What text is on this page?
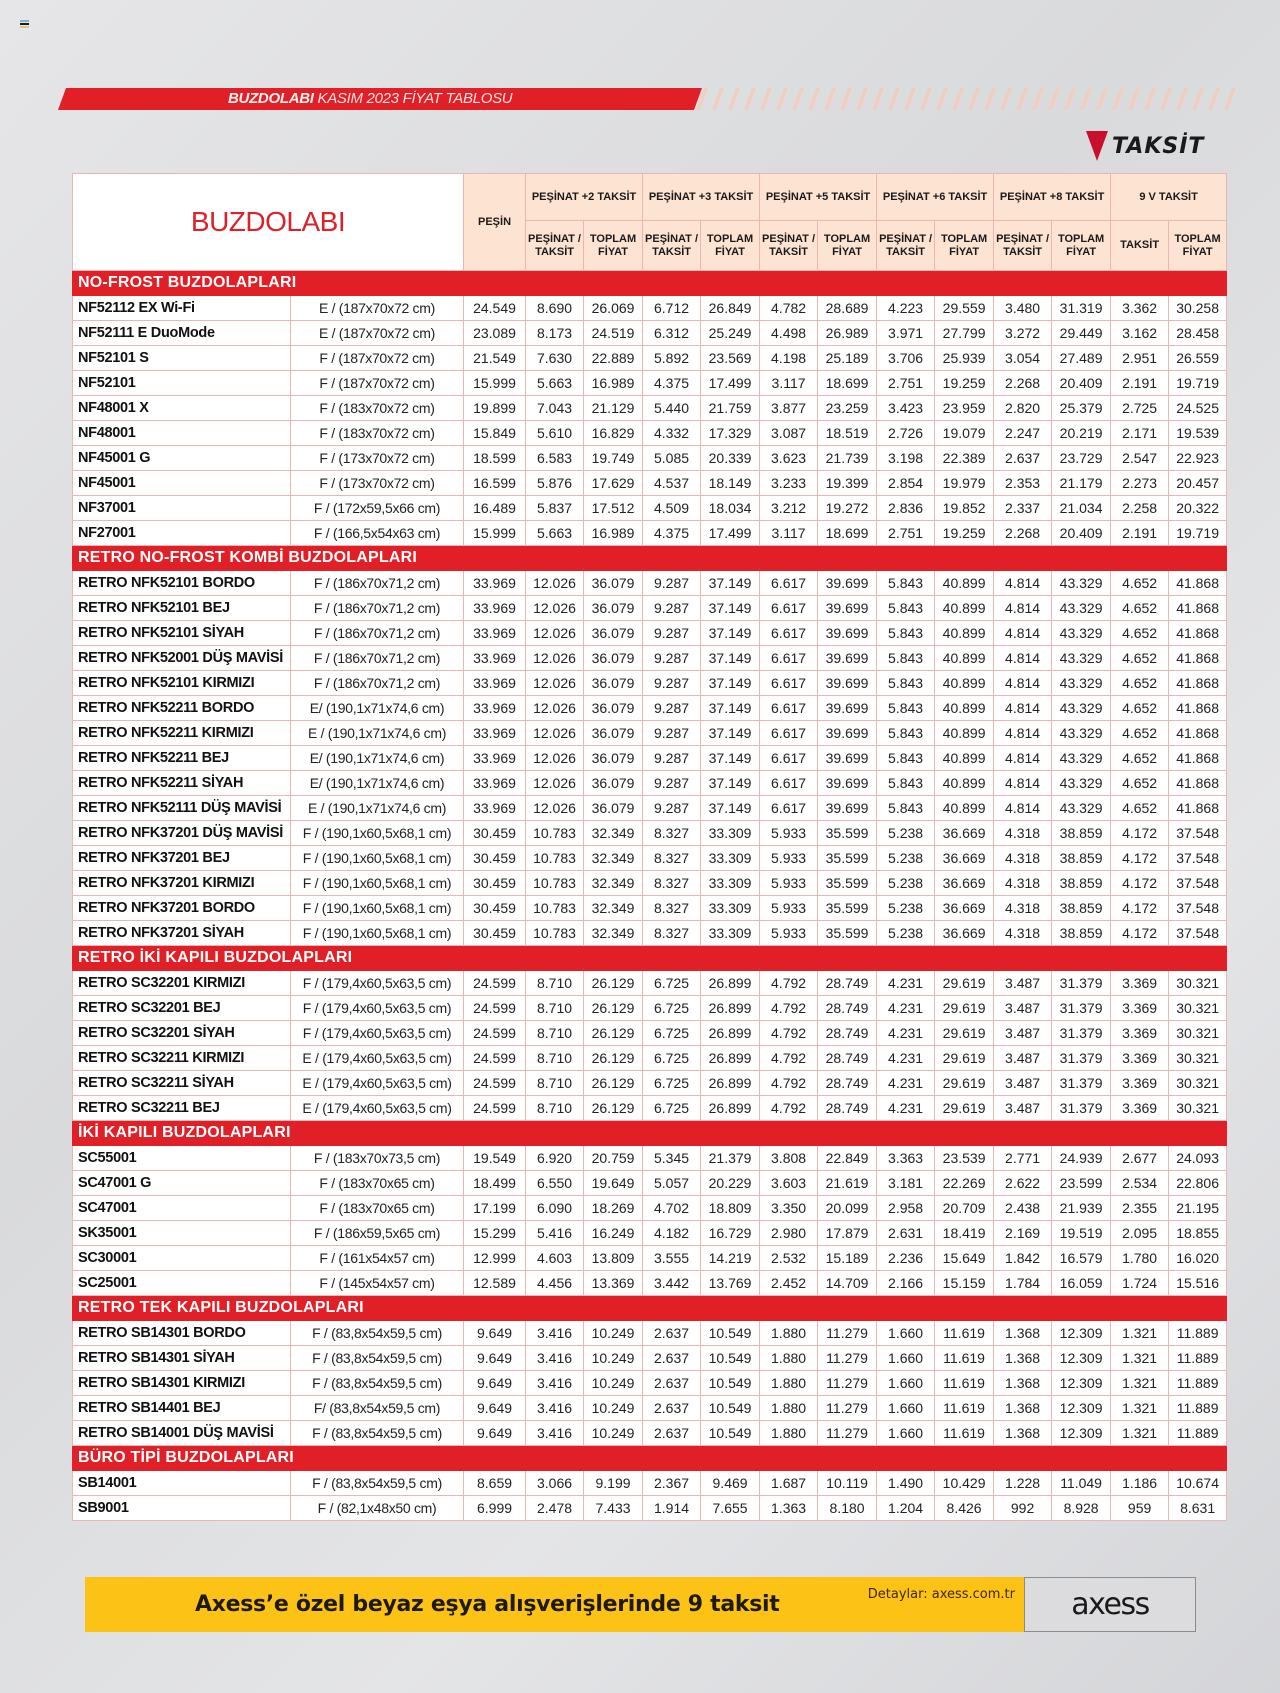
BUZDOLABI KASIM 2023 FİYAT TABLOSU
TAKSİT
BUZDOLABI		PEŞİN	PEŞİNAT +2 TAKSİT		PEŞİNAT +3 TAKSİT		PEŞİNAT +5 TAKSİT		PEŞİNAT +6 TAKSİT		PEŞİNAT +8 TAKSİT		9 V TAKSİT	
			PEŞİNAT / TAKSİT	TOPLAM FİYAT	PEŞİNAT / TAKSİT	TOPLAM FİYAT	PEŞİNAT / TAKSİT	TOPLAM FİYAT	PEŞİNAT / TAKSİT	TOPLAM FİYAT	PEŞİNAT / TAKSİT	TOPLAM FİYAT	TAKSİT	TOPLAM FİYAT
NO-FROST BUZDOLAPLARI														
NF52112 EX Wi-Fi	E / (187x70x72 cm)	24.549	8.690	26.069	6.712	26.849	4.782	28.689	4.223	29.559	3.480	31.319	3.362	30.258
NF52111 E DuoMode	E / (187x70x72 cm)	23.089	8.173	24.519	6.312	25.249	4.498	26.989	3.971	27.799	3.272	29.449	3.162	28.458
NF52101 S	F / (187x70x72 cm)	21.549	7.630	22.889	5.892	23.569	4.198	25.189	3.706	25.939	3.054	27.489	2.951	26.559
NF52101	F / (187x70x72 cm)	15.999	5.663	16.989	4.375	17.499	3.117	18.699	2.751	19.259	2.268	20.409	2.191	19.719
NF48001 X	F / (183x70x72 cm)	19.899	7.043	21.129	5.440	21.759	3.877	23.259	3.423	23.959	2.820	25.379	2.725	24.525
NF48001	F / (183x70x72 cm)	15.849	5.610	16.829	4.332	17.329	3.087	18.519	2.726	19.079	2.247	20.219	2.171	19.539
NF45001 G	F / (173x70x72 cm)	18.599	6.583	19.749	5.085	20.339	3.623	21.739	3.198	22.389	2.637	23.729	2.547	22.923
NF45001	F / (173x70x72 cm)	16.599	5.876	17.629	4.537	18.149	3.233	19.399	2.854	19.979	2.353	21.179	2.273	20.457
NF37001	F / (172x59,5x66 cm)	16.489	5.837	17.512	4.509	18.034	3.212	19.272	2.836	19.852	2.337	21.034	2.258	20.322
NF27001	F / (166,5x54x63 cm)	15.999	5.663	16.989	4.375	17.499	3.117	18.699	2.751	19.259	2.268	20.409	2.191	19.719
RETRO NO-FROST KOMBİ BUZDOLAPLARI														
RETRO NFK52101 BORDO	F / (186x70x71,2 cm)	33.969	12.026	36.079	9.287	37.149	6.617	39.699	5.843	40.899	4.814	43.329	4.652	41.868
RETRO NFK52101 BEJ	F / (186x70x71,2 cm)	33.969	12.026	36.079	9.287	37.149	6.617	39.699	5.843	40.899	4.814	43.329	4.652	41.868
RETRO NFK52101 SİYAH	F / (186x70x71,2 cm)	33.969	12.026	36.079	9.287	37.149	6.617	39.699	5.843	40.899	4.814	43.329	4.652	41.868
RETRO NFK52001 DÜŞ MAVİSİ	F / (186x70x71,2 cm)	33.969	12.026	36.079	9.287	37.149	6.617	39.699	5.843	40.899	4.814	43.329	4.652	41.868
RETRO NFK52101 KIRMIZI	F / (186x70x71,2 cm)	33.969	12.026	36.079	9.287	37.149	6.617	39.699	5.843	40.899	4.814	43.329	4.652	41.868
RETRO NFK52211 BORDO	E/ (190,1x71x74,6 cm)	33.969	12.026	36.079	9.287	37.149	6.617	39.699	5.843	40.899	4.814	43.329	4.652	41.868
RETRO NFK52211 KIRMIZI	E / (190,1x71x74,6 cm)	33.969	12.026	36.079	9.287	37.149	6.617	39.699	5.843	40.899	4.814	43.329	4.652	41.868
RETRO NFK52211 BEJ	E/ (190,1x71x74,6 cm)	33.969	12.026	36.079	9.287	37.149	6.617	39.699	5.843	40.899	4.814	43.329	4.652	41.868
RETRO NFK52211 SİYAH	E/ (190,1x71x74,6 cm)	33.969	12.026	36.079	9.287	37.149	6.617	39.699	5.843	40.899	4.814	43.329	4.652	41.868
RETRO NFK52111 DÜŞ MAVİSİ	E / (190,1x71x74,6 cm)	33.969	12.026	36.079	9.287	37.149	6.617	39.699	5.843	40.899	4.814	43.329	4.652	41.868
RETRO NFK37201 DÜŞ MAVİSİ	F / (190,1x60,5x68,1 cm)	30.459	10.783	32.349	8.327	33.309	5.933	35.599	5.238	36.669	4.318	38.859	4.172	37.548
RETRO NFK37201 BEJ	F / (190,1x60,5x68,1 cm)	30.459	10.783	32.349	8.327	33.309	5.933	35.599	5.238	36.669	4.318	38.859	4.172	37.548
RETRO NFK37201 KIRMIZI	F / (190,1x60,5x68,1 cm)	30.459	10.783	32.349	8.327	33.309	5.933	35.599	5.238	36.669	4.318	38.859	4.172	37.548
RETRO NFK37201 BORDO	F / (190,1x60,5x68,1 cm)	30.459	10.783	32.349	8.327	33.309	5.933	35.599	5.238	36.669	4.318	38.859	4.172	37.548
RETRO NFK37201 SİYAH	F / (190,1x60,5x68,1 cm)	30.459	10.783	32.349	8.327	33.309	5.933	35.599	5.238	36.669	4.318	38.859	4.172	37.548
RETRO İKİ KAPILI BUZDOLAPLARI														
RETRO SC32201 KIRMIZI	F / (179,4x60,5x63,5 cm)	24.599	8.710	26.129	6.725	26.899	4.792	28.749	4.231	29.619	3.487	31.379	3.369	30.321
RETRO SC32201 BEJ	F / (179,4x60,5x63,5 cm)	24.599	8.710	26.129	6.725	26.899	4.792	28.749	4.231	29.619	3.487	31.379	3.369	30.321
RETRO SC32201 SİYAH	F / (179,4x60,5x63,5 cm)	24.599	8.710	26.129	6.725	26.899	4.792	28.749	4.231	29.619	3.487	31.379	3.369	30.321
RETRO SC32211 KIRMIZI	E / (179,4x60,5x63,5 cm)	24.599	8.710	26.129	6.725	26.899	4.792	28.749	4.231	29.619	3.487	31.379	3.369	30.321
RETRO SC32211 SİYAH	E / (179,4x60,5x63,5 cm)	24.599	8.710	26.129	6.725	26.899	4.792	28.749	4.231	29.619	3.487	31.379	3.369	30.321
RETRO SC32211 BEJ	E / (179,4x60,5x63,5 cm)	24.599	8.710	26.129	6.725	26.899	4.792	28.749	4.231	29.619	3.487	31.379	3.369	30.321
İKİ KAPILI BUZDOLAPLARI														
SC55001	F / (183x70x73,5 cm)	19.549	6.920	20.759	5.345	21.379	3.808	22.849	3.363	23.539	2.771	24.939	2.677	24.093
SC47001 G	F / (183x70x65 cm)	18.499	6.550	19.649	5.057	20.229	3.603	21.619	3.181	22.269	2.622	23.599	2.534	22.806
SC47001	F / (183x70x65 cm)	17.199	6.090	18.269	4.702	18.809	3.350	20.099	2.958	20.709	2.438	21.939	2.355	21.195
SK35001	F / (186x59,5x65 cm)	15.299	5.416	16.249	4.182	16.729	2.980	17.879	2.631	18.419	2.169	19.519	2.095	18.855
SC30001	F / (161x54x57 cm)	12.999	4.603	13.809	3.555	14.219	2.532	15.189	2.236	15.649	1.842	16.579	1.780	16.020
SC25001	F / (145x54x57 cm)	12.589	4.456	13.369	3.442	13.769	2.452	14.709	2.166	15.159	1.784	16.059	1.724	15.516
RETRO TEK KAPILI BUZDOLAPLARI														
RETRO SB14301 BORDO	F / (83,8x54x59,5 cm)	9.649	3.416	10.249	2.637	10.549	1.880	11.279	1.660	11.619	1.368	12.309	1.321	11.889
RETRO SB14301 SİYAH	F / (83,8x54x59,5 cm)	9.649	3.416	10.249	2.637	10.549	1.880	11.279	1.660	11.619	1.368	12.309	1.321	11.889
RETRO SB14301 KIRMIZI	F / (83,8x54x59,5 cm)	9.649	3.416	10.249	2.637	10.549	1.880	11.279	1.660	11.619	1.368	12.309	1.321	11.889
RETRO SB14401 BEJ	F/ (83,8x54x59,5 cm)	9.649	3.416	10.249	2.637	10.549	1.880	11.279	1.660	11.619	1.368	12.309	1.321	11.889
RETRO SB14001 DÜŞ MAVİSİ	F / (83,8x54x59,5 cm)	9.649	3.416	10.249	2.637	10.549	1.880	11.279	1.660	11.619	1.368	12.309	1.321	11.889
BÜRO TİPİ BUZDOLAPLARI														
SB14001	F / (83,8x54x59,5 cm)	8.659	3.066	9.199	2.367	9.469	1.687	10.119	1.490	10.429	1.228	11.049	1.186	10.674
SB9001	F / (82,1x48x50 cm)	6.999	2.478	7.433	1.914	7.655	1.363	8.180	1.204	8.426	992	8.928	959	8.631
Axess’e özel beyaz eşya alışverişlerinde 9 taksit	Detaylar: axess.com.tr axess
